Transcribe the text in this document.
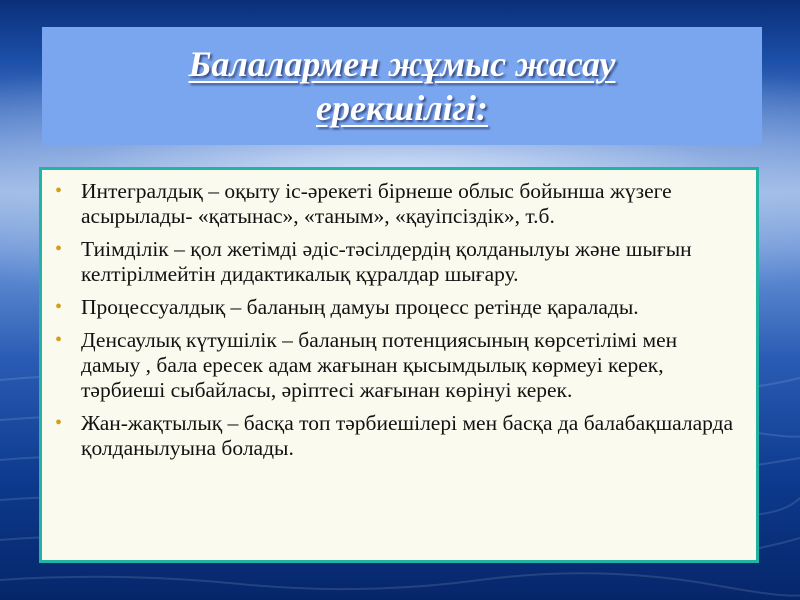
Балалармен жұмыс жасау
ерекшілігі:
• Интегралдық – оқыту іс-әрекеті бірнеше облыс бойынша жүзеге асырылады- «қатынас», «таным», «қауіпсіздік», т.б.
• Тиімділік – қол жетімді әдіс-тәсілдердің қолданылуы және шығын келтірілмейтін дидактикалық құралдар шығару.
• Процессуалдық – баланың дамуы процесс ретінде қаралады.
• Денсаулық күтушілік – баланың потенциясының көрсетілімі мен дамыу , бала ересек адам жағынан қысымдылық көрмеуі керек, тәрбиеші сыбайласы, әріптесі жағынан көрінуі керек.
• Жан-жақтылық – басқа топ тәрбиешілері мен басқа да балабақшаларда қолданылуына болады.
